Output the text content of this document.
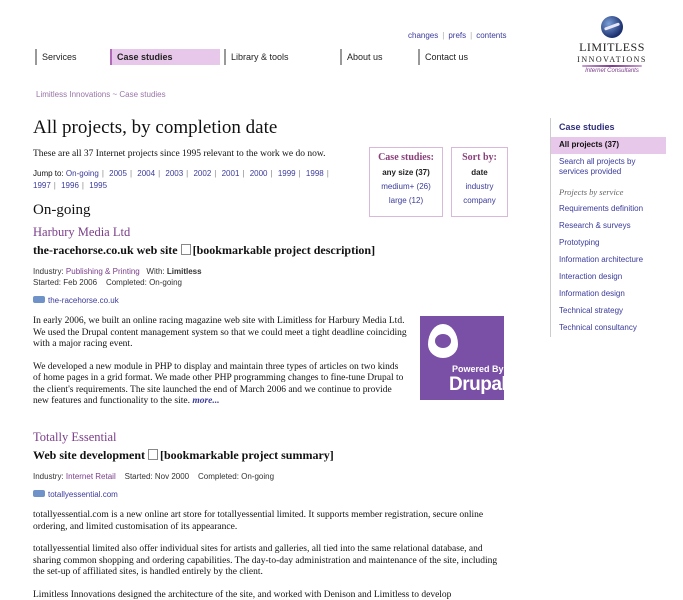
changes | prefs | contents
Services	Case studies	Library & tools	About us	Contact us
LIMITLESS
INNOVATIONS
Internet Consultants
Limitless Innovations ~ Case studies
All projects, by completion date

These are all 37 Internet projects since 1995 relevant to the work we do now.

Jump to: On-going | 2005 | 2004 | 2003 | 2002 | 2001 | 2000 | 1999 | 1998 | 1997 | 1996 | 1995
Case studies:
any size (37)
medium+ (26)
large (12)
Sort by:
date
industry
company
On-going
Harbury Media Ltd
the-racehorse.co.uk web site [bookmarkable project description]
Industry: Publishing & Printing With: Limitless
Started: Feb 2006 Completed: On-going
the-racehorse.co.uk

In early 2006, we built an online racing magazine web site with Limitless for Harbury Media Ltd. We used the Drupal content management system so that we could meet a tight deadline coinciding with a major racing event.

We developed a new module in PHP to display and maintain three types of articles on two kinds of home pages in a grid format. We made other PHP programming changes to fine-tune Drupal to the client's requirements. The site launched the end of March 2006 and we continue to provide new features and functionality to the site. more...

Powered By
Drupal
Totally Essential
Web site development [bookmarkable project summary]
Industry: Internet Retail Started: Nov 2000 Completed: On-going
totallyessential.com

totallyessential.com is a new online art store for totallyessential limited. It supports member registration, secure online ordering, and limited customisation of its appearance.

totallyessential limited also offer individual sites for artists and galleries, all tied into the same relational database, and sharing common shopping and ordering capabilities. The day-to-day administration and maintenance of the site, including the set-up of affiliated sites, is handled entirely by the client.

Limitless Innovations designed the architecture of the site, and worked with Denison and Limitless to develop

Case studies
All projects (37)
Search all projects by services provided
Projects by service
Requirements definition
Research & surveys
Prototyping
Information architecture
Interaction design
Information design
Technical strategy
Technical consultancy
